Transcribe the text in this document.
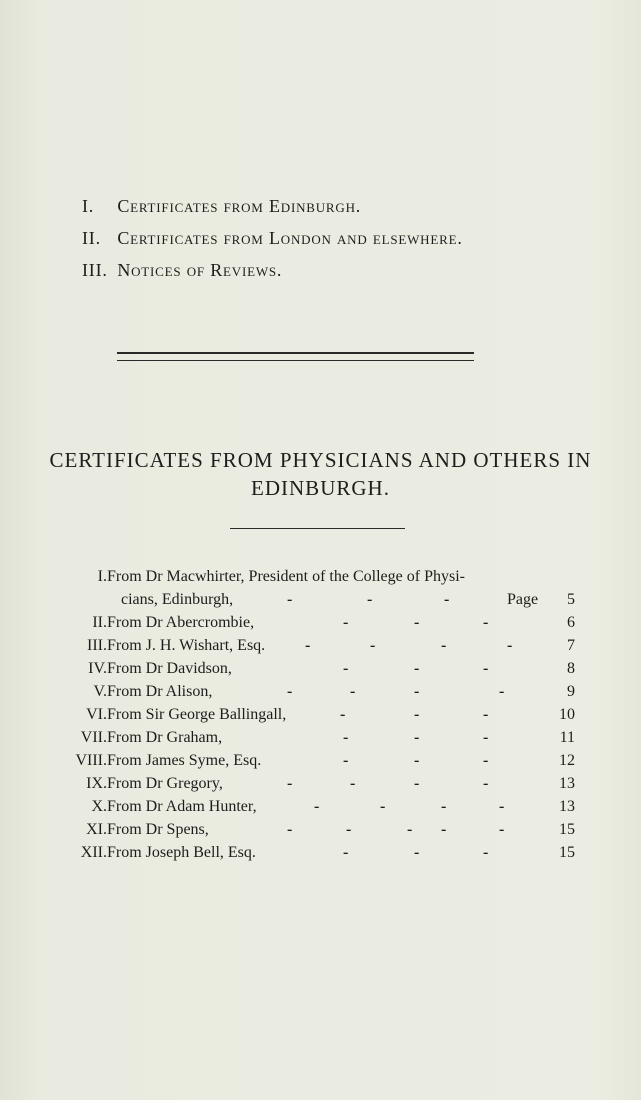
I. Certificates from Edinburgh.
II. Certificates from London and elsewhere.
III. Notices of Reviews.
CERTIFICATES FROM PHYSICIANS AND OTHERS IN
EDINBURGH.
I. From Dr Macwhirter, President of the College of Physi-
cians, Edinburgh,	-	-	-	Page 5
II. From Dr Abercrombie,	-	-	-	6
III. From J. H. Wishart, Esq. -	-	-	-	7
IV. From Dr Davidson,	-	-	-	8
V. From Dr Alison,	-	-	-	-	9
VI. From Sir George Ballingall,	-	-	-	10
VII. From Dr Graham,	-	-	-	11
VIII. From James Syme, Esq.	-	-	-	12
IX. From Dr Gregory,	-	-	-	-	13
X. From Dr Adam Hunter,	-	-	-	-	13
XI. From Dr Spens,	-	-	- -	-	15
XII. From Joseph Bell, Esq.	-	-	-	15
